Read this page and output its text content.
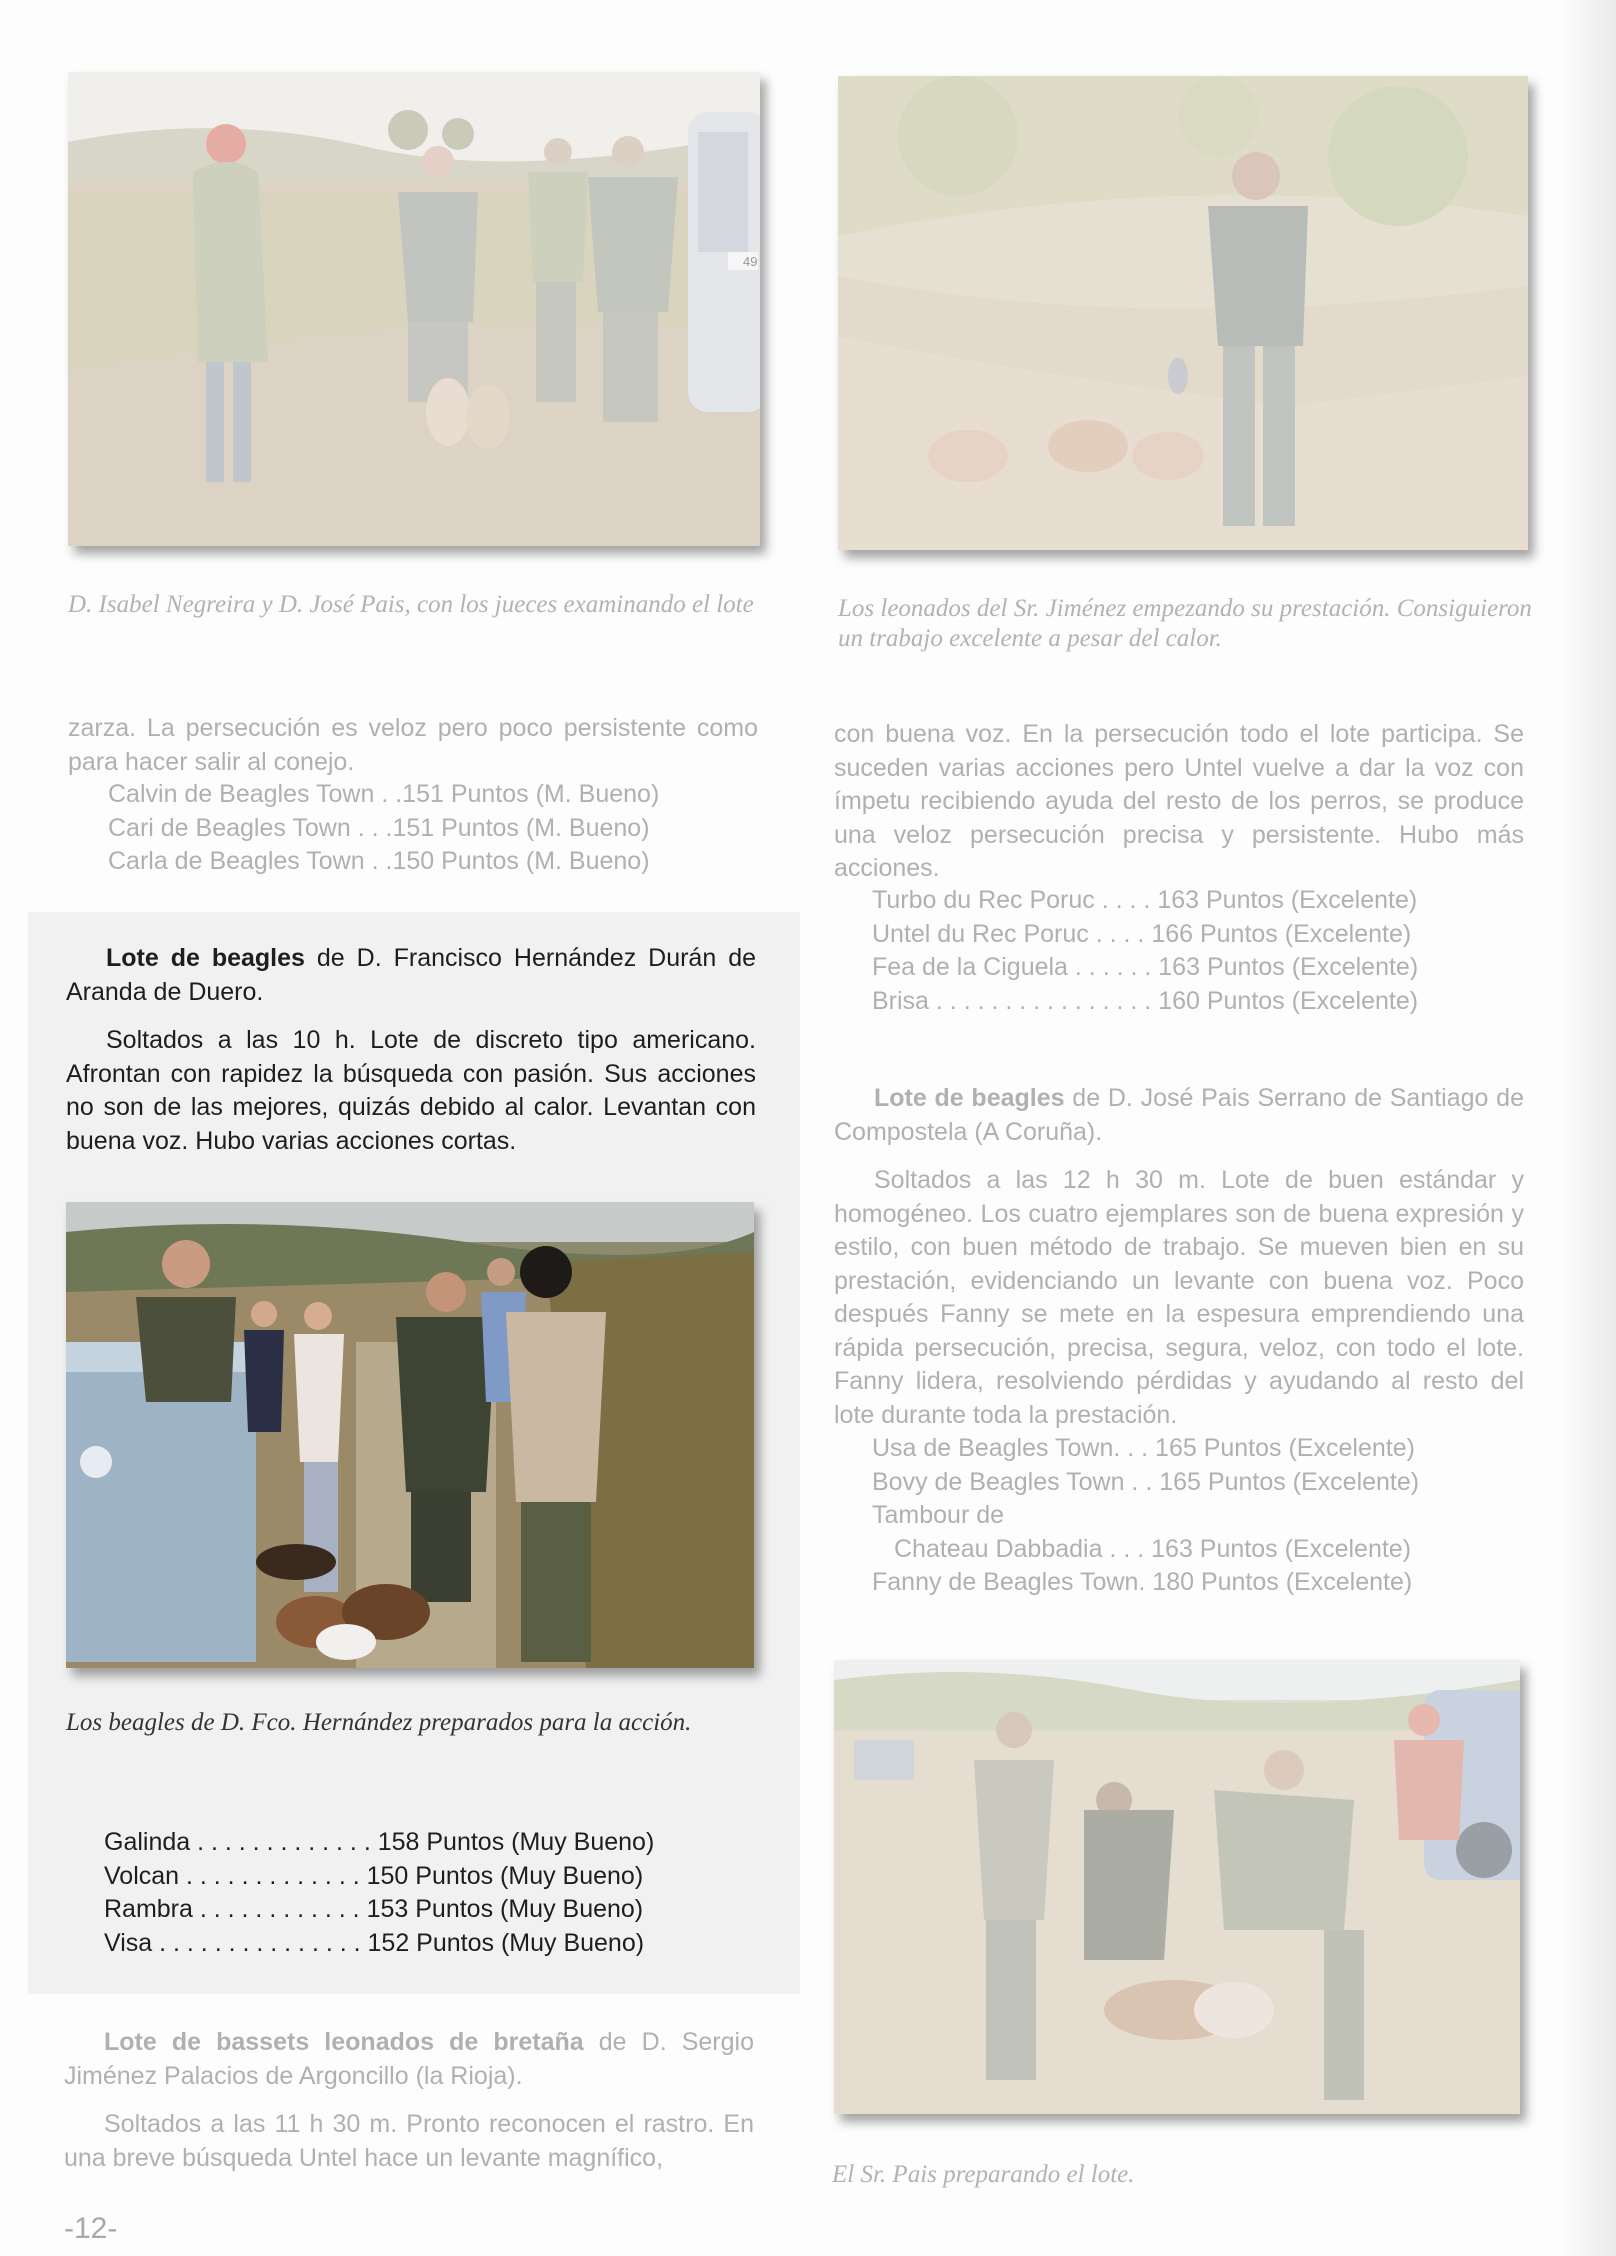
49
D. Isabel Negreira y D. José Pais, con los jueces examinando el lote	Los leonados del Sr. Jiménez empezando su prestación. Consiguieron un trabajo excelente a pesar del calor.

zarza. La persecución es veloz pero poco persistente como para hacer salir al conejo.

Calvin de Beagles Town . .151 Puntos (M. Bueno)
Cari de Beagles Town . . .151 Puntos (M. Bueno)
Carla de Beagles Town . .150 Puntos (M. Bueno)

Lote de beagles de D. Francisco Hernández Durán de Aranda de Duero.

Soltados a las 10 h. Lote de discreto tipo americano. Afrontan con rapidez la búsqueda con pasión. Sus acciones no son de las mejores, quizás debido al calor. Levantan con buena voz. Hubo varias acciones cortas.

Los beagles de D. Fco. Hernández preparados para la acción.
Galinda . . . . . . . . . . . . . 158 Puntos (Muy Bueno)
Volcan . . . . . . . . . . . . . 150 Puntos (Muy Bueno)
Rambra . . . . . . . . . . . . 153 Puntos (Muy Bueno)
Visa . . . . . . . . . . . . . . . 152 Puntos (Muy Bueno)

Lote de bassets leonados de bretaña de D. Sergio Jiménez Palacios de Argoncillo (la Rioja).

Soltados a las 11 h 30 m. Pronto reconocen el rastro. En una breve búsqueda Untel hace un levante magnífico,

-12-

con buena voz. En la persecución todo el lote participa. Se suceden varias acciones pero Untel vuelve a dar la voz con ímpetu recibiendo ayuda del resto de los perros, se produce una veloz persecución precisa y persistente. Hubo más acciones.

Turbo du Rec Poruc . . . . 163 Puntos (Excelente)
Untel du Rec Poruc . . . . 166 Puntos (Excelente)
Fea de la Ciguela . . . . . . 163 Puntos (Excelente)
Brisa . . . . . . . . . . . . . . . . 160 Puntos (Excelente)

Lote de beagles de D. José Pais Serrano de Santiago de Compostela (A Coruña).

Soltados a las 12 h 30 m. Lote de buen estándar y homogéneo. Los cuatro ejemplares son de buena expresión y estilo, con buen método de trabajo. Se mueven bien en su prestación, evidenciando un levante con buena voz. Poco después Fanny se mete en la espesura emprendiendo una rápida persecución, precisa, segura, veloz, con todo el lote. Fanny lidera, resolviendo pérdidas y ayudando al resto del lote durante toda la prestación.

Usa de Beagles Town. . . 165 Puntos (Excelente)
Bovy de Beagles Town . . 165 Puntos (Excelente)
Tambour de
Chateau Dabbadia . . . 163 Puntos (Excelente)
Fanny de Beagles Town. 180 Puntos (Excelente)
El Sr. Pais preparando el lote.
